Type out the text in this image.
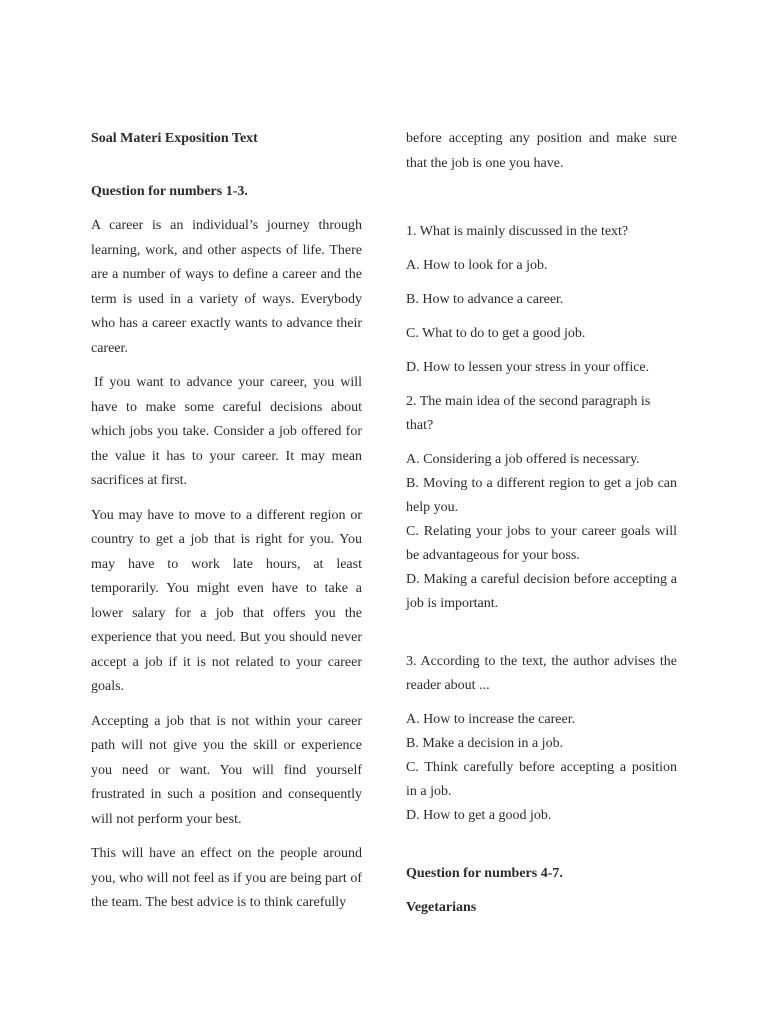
Soal Materi Exposition Text

Question for numbers 1-3.

A career is an individual’s journey through learning, work, and other aspects of life. There are a number of ways to define a career and the term is used in a variety of ways. Everybody who has a career exactly wants to advance their career.

If you want to advance your career, you will have to make some careful decisions about which jobs you take. Consider a job offered for the value it has to your career. It may mean sacrifices at first.

You may have to move to a different region or country to get a job that is right for you. You may have to work late hours, at least temporarily. You might even have to take a lower salary for a job that offers you the experience that you need. But you should never accept a job if it is not related to your career goals.

Accepting a job that is not within your career path will not give you the skill or experience you need or want. You will find yourself frustrated in such a position and consequently will not perform your best.

This will have an effect on the people around you, who will not feel as if you are being part of the team. The best advice is to think carefully

before accepting any position and make sure that the job is one you have.

1. What is mainly discussed in the text?

A. How to look for a job.

B. How to advance a career.

C. What to do to get a good job.

D. How to lessen your stress in your office.

2. The main idea of the second paragraph is that?

A. Considering a job offered is necessary.

B. Moving to a different region to get a job can help you.

C. Relating your jobs to your career goals will be advantageous for your boss.

D. Making a careful decision before accepting a job is important.

3. According to the text, the author advises the reader about ...

A. How to increase the career.

B. Make a decision in a job.

C. Think carefully before accepting a position in a job.

D. How to get a good job.

Question for numbers 4-7.

Vegetarians
